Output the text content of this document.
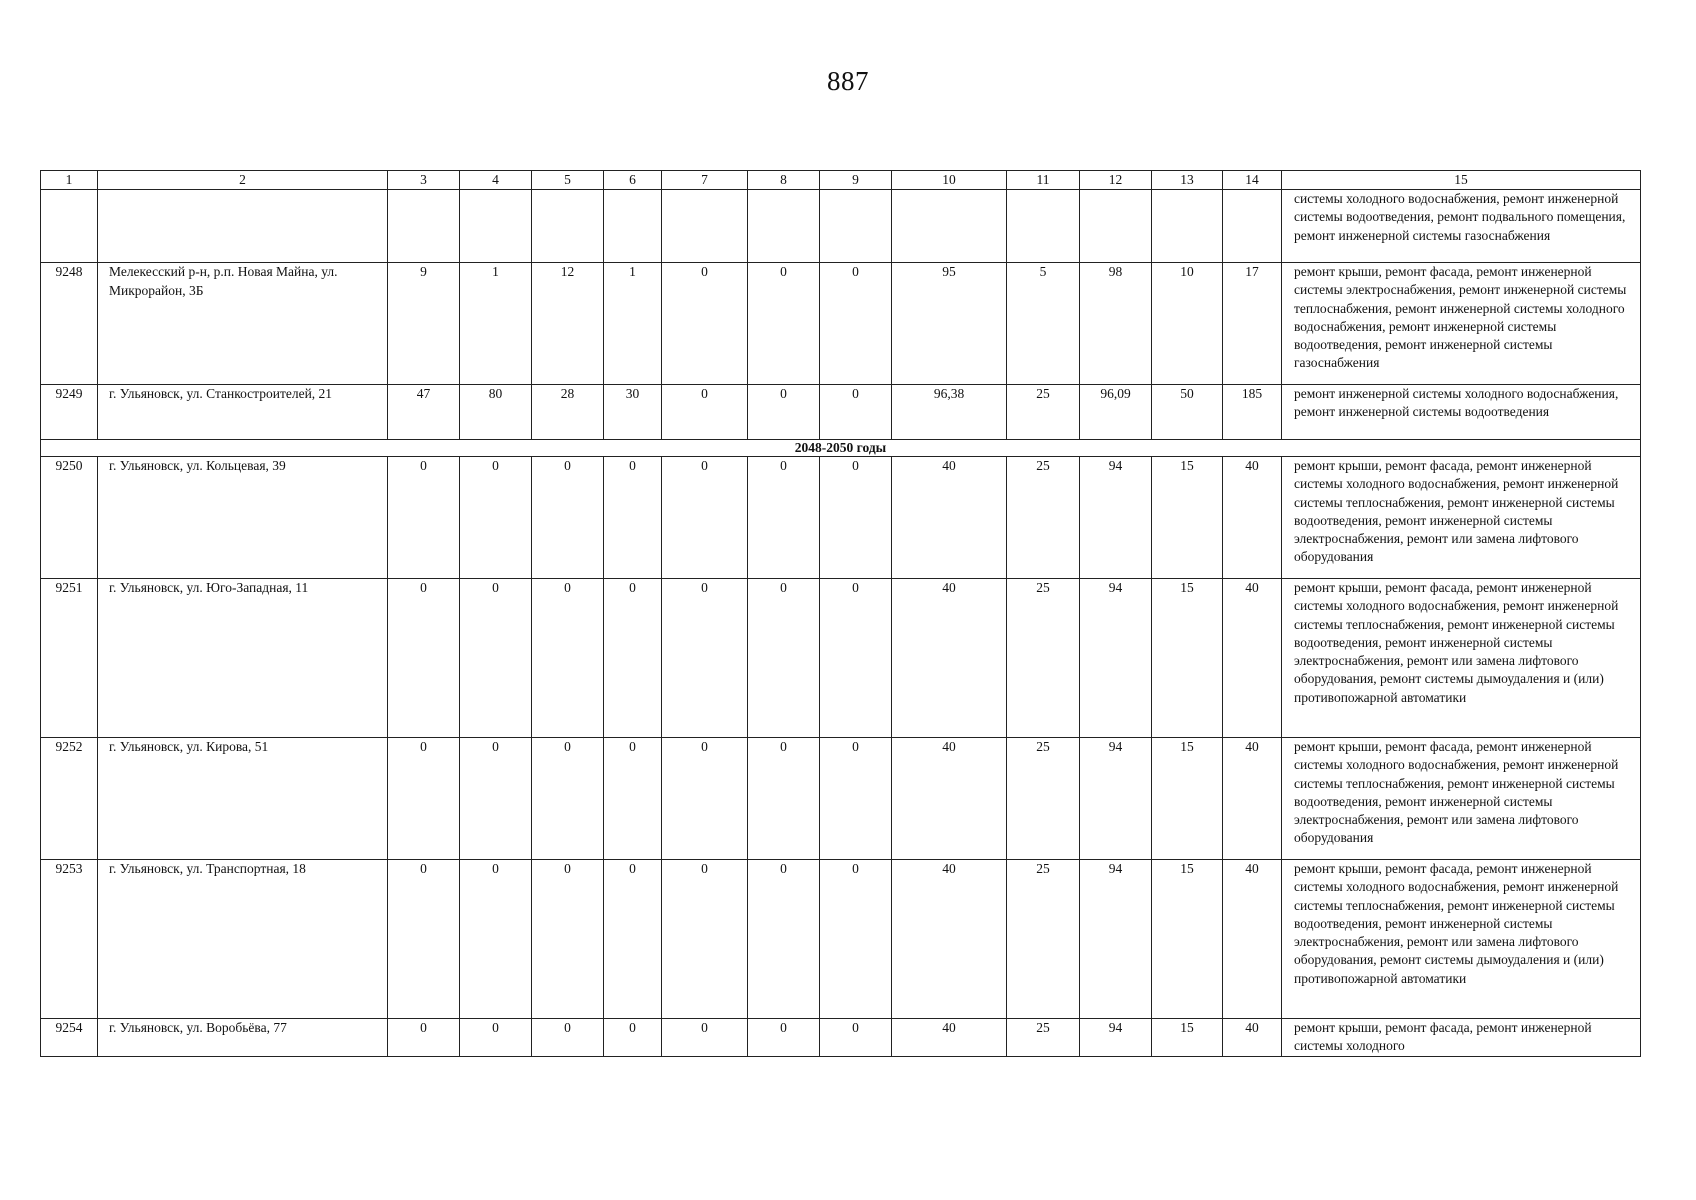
887
1	2	3	4	5	6	7	8	9	10	11	12	13	14	15
														системы холодного водоснабжения, ремонт инженерной системы водоотведения, ремонт подвального помещения, ремонт инженерной системы газоснабжения
9248	Мелекесский р-н, р.п. Новая Майна, ул. Микрорайон, 3Б	9	1	12	1	0	0	0	95	5	98	10	17	ремонт крыши, ремонт фасада, ремонт инженерной системы электроснабжения, ремонт инженерной системы теплоснабжения, ремонт инженерной системы холодного водоснабжения, ремонт инженерной системы водоотведения, ремонт инженерной системы газоснабжения
9249	г. Ульяновск, ул. Станкостроителей, 21	47	80	28	30	0	0	0	96,38	25	96,09	50	185	ремонт инженерной системы холодного водоснабжения, ремонт инженерной системы водоотведения
2048-2050 годы														
9250	г. Ульяновск, ул. Кольцевая, 39	0	0	0	0	0	0	0	40	25	94	15	40	ремонт крыши, ремонт фасада, ремонт инженерной системы холодного водоснабжения, ремонт инженерной системы теплоснабжения, ремонт инженерной системы водоотведения, ремонт инженерной системы электроснабжения, ремонт или замена лифтового оборудования
9251	г. Ульяновск, ул. Юго-Западная, 11	0	0	0	0	0	0	0	40	25	94	15	40	ремонт крыши, ремонт фасада, ремонт инженерной системы холодного водоснабжения, ремонт инженерной системы теплоснабжения, ремонт инженерной системы водоотведения, ремонт инженерной системы электроснабжения, ремонт или замена лифтового оборудования, ремонт системы дымоудаления и (или) противопожарной автоматики
9252	г. Ульяновск, ул. Кирова, 51	0	0	0	0	0	0	0	40	25	94	15	40	ремонт крыши, ремонт фасада, ремонт инженерной системы холодного водоснабжения, ремонт инженерной системы теплоснабжения, ремонт инженерной системы водоотведения, ремонт инженерной системы электроснабжения, ремонт или замена лифтового оборудования
9253	г. Ульяновск, ул. Транспортная, 18	0	0	0	0	0	0	0	40	25	94	15	40	ремонт крыши, ремонт фасада, ремонт инженерной системы холодного водоснабжения, ремонт инженерной системы теплоснабжения, ремонт инженерной системы водоотведения, ремонт инженерной системы электроснабжения, ремонт или замена лифтового оборудования, ремонт системы дымоудаления и (или) противопожарной автоматики
9254	г. Ульяновск, ул. Воробьёва, 77	0	0	0	0	0	0	0	40	25	94	15	40	ремонт крыши, ремонт фасада, ремонт инженерной системы холодного
